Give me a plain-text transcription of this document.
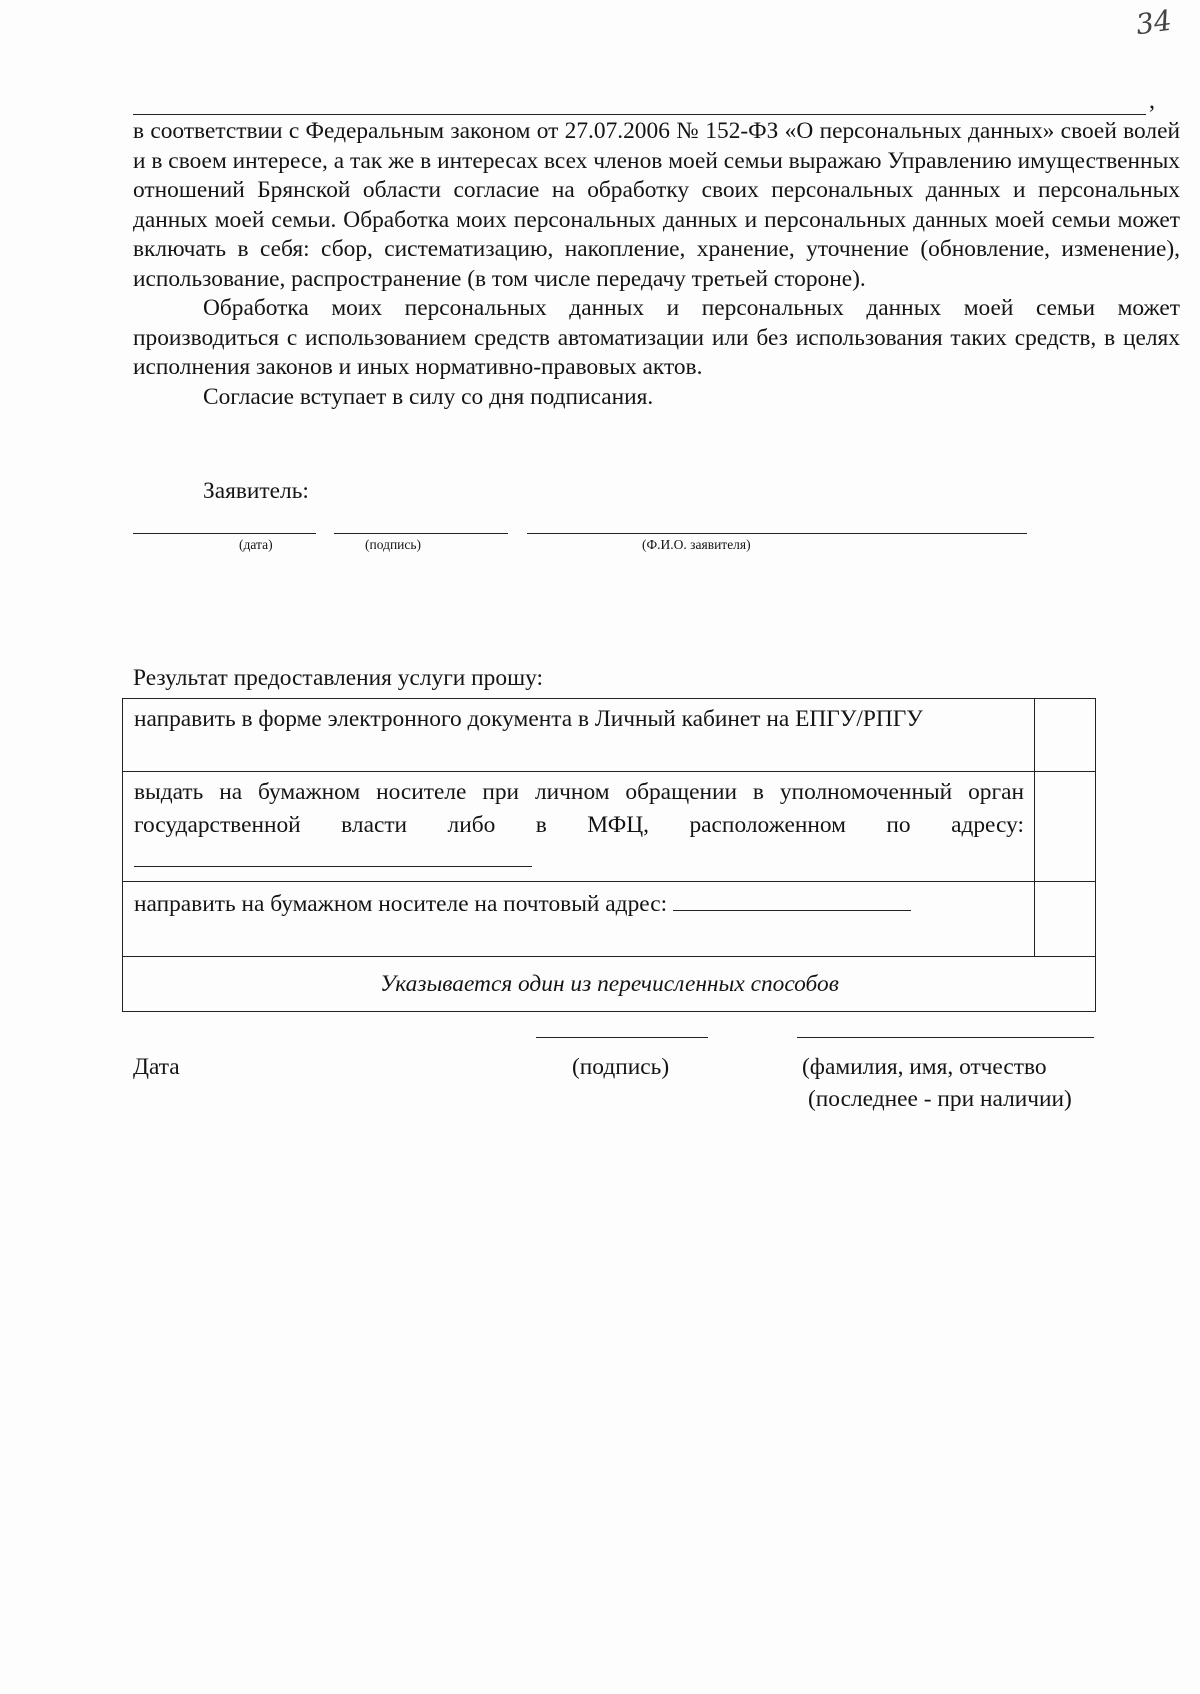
34
,

в соответствии с Федеральным законом от 27.07.2006 № 152-ФЗ «О персональных данных» своей волей и в своем интересе, а так же в интересах всех членов моей семьи выражаю Управлению имущественных отношений Брянской области согласие на обработку своих персональных данных и персональных данных моей семьи. Обработка моих персональных данных и персональных данных моей семьи может включать в себя: сбор, систематизацию, накопление, хранение, уточнение (обновление, изменение), использование, распространение (в том числе передачу третьей стороне).

Обработка моих персональных данных и персональных данных моей семьи может производиться с использованием средств автоматизации или без использования таких средств, в целях исполнения законов и иных нормативно-правовых актов.

Согласие вступает в силу со дня подписания.

Заявитель:
(дата)	(подпись)	(Ф.И.О. заявителя)
Результат предоставления услуги прошу:
направить в форме электронного документа в Личный кабинет на ЕПГУ/РПГУ	
выдать на бумажном носителе при личном обращении в уполномоченный орган государственной власти либо в МФЦ, расположенном по адресу:	
направить на бумажном носителе на почтовый адрес:	
Указывается один из перечисленных способов	
Дата	(подпись)	(фамилия, имя, отчество
(последнее - при наличии)
